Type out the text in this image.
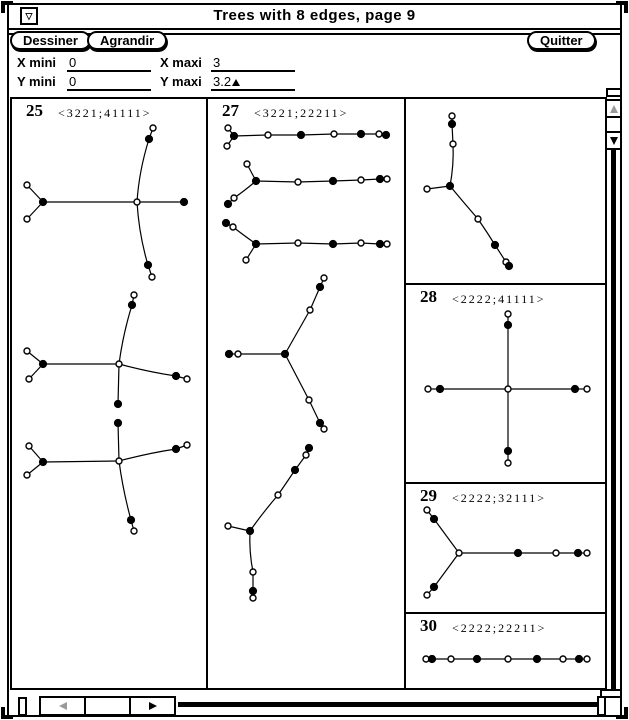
Trees with 8 edges, page 9
▽
Dessiner	Agrandir	Quitter
X mini 0	X maxi 3
Y mini 0	Y maxi 3.2
25 <3221;41111>	27 <3221;22211>
28 <2222;41111>
29 <2222;32111>
30 <2222;22211>
